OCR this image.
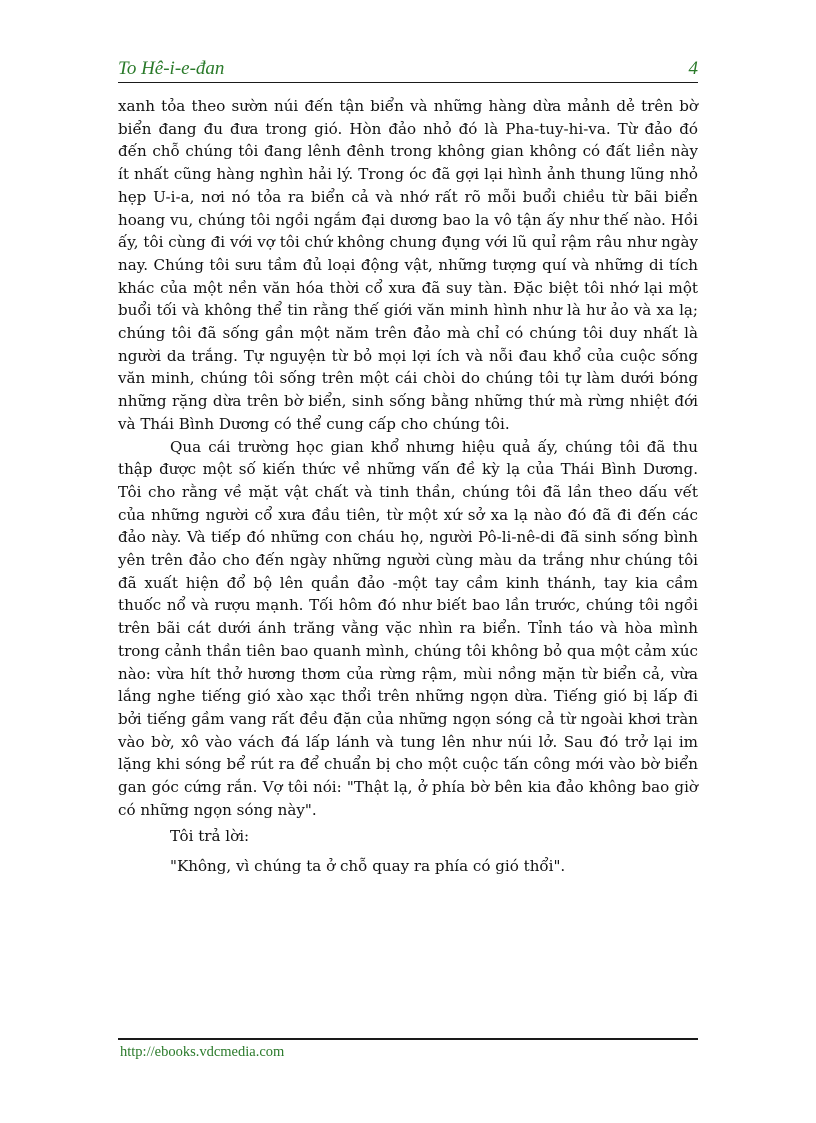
To Hê-i-e-đan	4

xanh tỏa theo sườn núi đến tận biển và những hàng dừa mảnh dẻ trên bờ biển đang đu đưa trong gió. Hòn đảo nhỏ đó là Pha-tuy-hi-va. Từ đảo đó đến chỗ chúng tôi đang lênh đênh trong không gian không có đất liền này ít nhất cũng hàng nghìn hải lý. Trong óc đã gợi lại hình ảnh thung lũng nhỏ hẹp U-i-a, nơi nó tỏa ra biển cả và nhớ rất rõ mỗi buổi chiều từ bãi biển hoang vu, chúng tôi ngồi ngắm đại dương bao la vô tận ấy như thế nào. Hồi ấy, tôi cùng đi với vợ tôi chứ không chung đụng với lũ quỉ rậm râu như ngày nay. Chúng tôi sưu tầm đủ loại động vật, những tượng quí và những di tích khác của một nền văn hóa thời cổ xưa đã suy tàn. Đặc biệt tôi nhớ lại một buổi tối và không thể tin rằng thế giới văn minh hình như là hư ảo và xa lạ; chúng tôi đã sống gần một năm trên đảo mà chỉ có chúng tôi duy nhất là người da trắng. Tự nguyện từ bỏ mọi lợi ích và nỗi đau khổ của cuộc sống văn minh, chúng tôi sống trên một cái chòi do chúng tôi tự làm dưới bóng những rặng dừa trên bờ biển, sinh sống bằng những thứ mà rừng nhiệt đới và Thái Bình Dương có thể cung cấp cho chúng tôi.

Qua cái trường học gian khổ nhưng hiệu quả ấy, chúng tôi đã thu thập được một số kiến thức về những vấn đề kỳ lạ của Thái Bình Dương. Tôi cho rằng về mặt vật chất và tinh thần, chúng tôi đã lần theo dấu vết của những người cổ xưa đầu tiên, từ một xứ sở xa lạ nào đó đã đi đến các đảo này. Và tiếp đó những con cháu họ, người Pô-li-nê-di đã sinh sống bình yên trên đảo cho đến ngày những người cùng màu da trắng như chúng tôi đã xuất hiện đổ bộ lên quần đảo -một tay cầm kinh thánh, tay kia cầm thuốc nổ và rượu mạnh. Tối hôm đó như biết bao lần trước, chúng tôi ngồi trên bãi cát dưới ánh trăng vằng vặc nhìn ra biển. Tỉnh táo và hòa mình trong cảnh thần tiên bao quanh mình, chúng tôi không bỏ qua một cảm xúc nào: vừa hít thở hương thơm của rừng rậm, mùi nồng mặn từ biển cả, vừa lắng nghe tiếng gió xào xạc thổi trên những ngọn dừa. Tiếng gió bị lấp đi bởi tiếng gầm vang rất đều đặn của những ngọn sóng cả từ ngoài khơi tràn vào bờ, xô vào vách đá lấp lánh và tung lên như núi lở. Sau đó trở lại im lặng khi sóng bể rút ra để chuẩn bị cho một cuộc tấn công mới vào bờ biển gan góc cứng rắn. Vợ tôi nói: "Thật lạ, ở phía bờ bên kia đảo không bao giờ có những ngọn sóng này".

Tôi trả lời:

"Không, vì chúng ta ở chỗ quay ra phía có gió thổi".

http://ebooks.vdcmedia.com
